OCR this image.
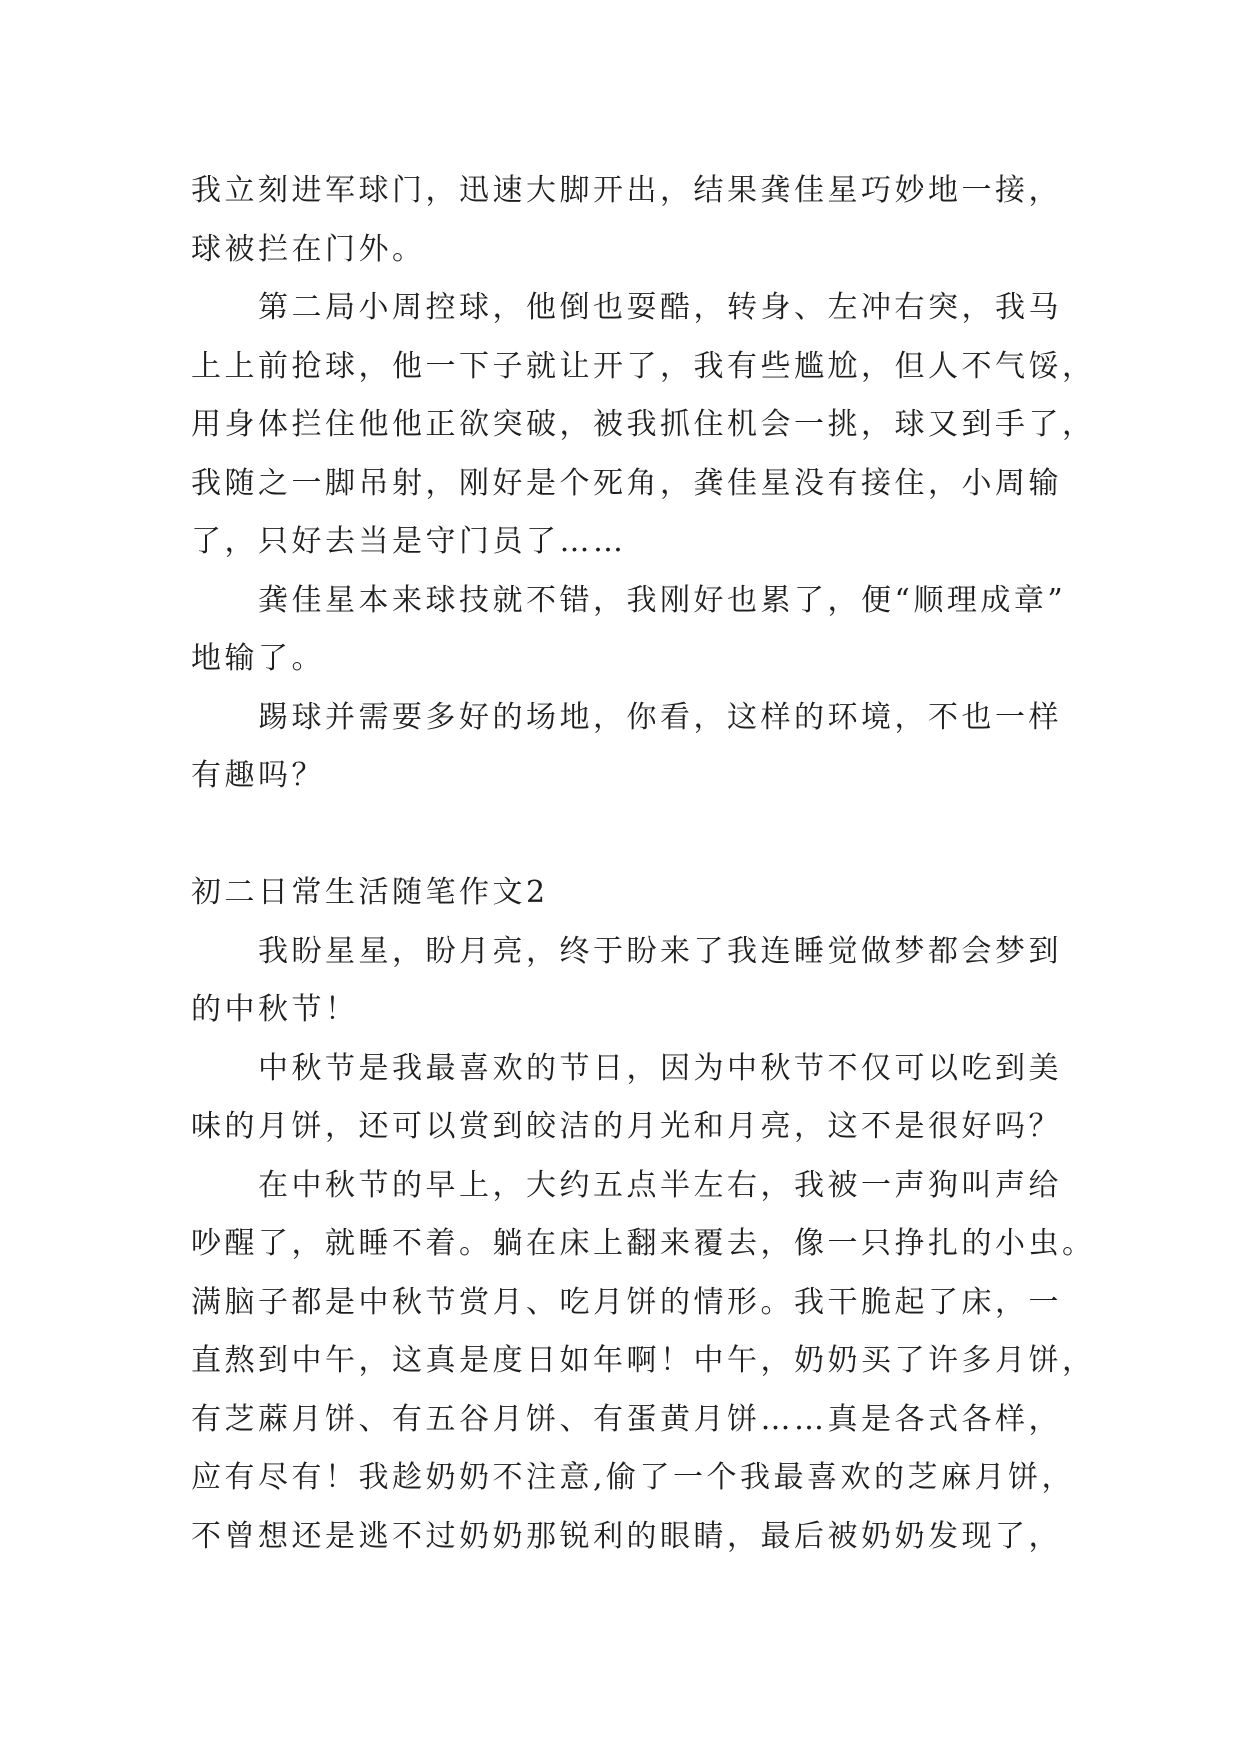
我立刻进军球门，迅速大脚开出，结果龚佳星巧妙地一接，
球被拦在门外。
第二局小周控球，他倒也耍酷，转身、左冲右突，我马
上上前抢球，他一下子就让开了，我有些尴尬，但人不气馁，
用身体拦住他他正欲突破，被我抓住机会一挑，球又到手了，
我随之一脚吊射，刚好是个死角，龚佳星没有接住，小周输
了，只好去当是守门员了……
龚佳星本来球技就不错，我刚好也累了，便“顺理成章”
地输了。
踢球并需要多好的场地，你看，这样的环境，不也一样
有趣吗？
初二日常生活随笔作文2
我盼星星，盼月亮，终于盼来了我连睡觉做梦都会梦到
的中秋节！
中秋节是我最喜欢的节日，因为中秋节不仅可以吃到美
味的月饼，还可以赏到皎洁的月光和月亮，这不是很好吗？
在中秋节的早上，大约五点半左右，我被一声狗叫声给
吵醒了，就睡不着。躺在床上翻来覆去，像一只挣扎的小虫。
满脑子都是中秋节赏月、吃月饼的情形。我干脆起了床，一
直熬到中午，这真是度日如年啊！中午，奶奶买了许多月饼，
有芝蔴月饼、有五谷月饼、有蛋黄月饼……真是各式各样，
应有尽有！我趁奶奶不注意,偷了一个我最喜欢的芝麻月饼，
不曾想还是逃不过奶奶那锐利的眼睛，最后被奶奶发现了，
